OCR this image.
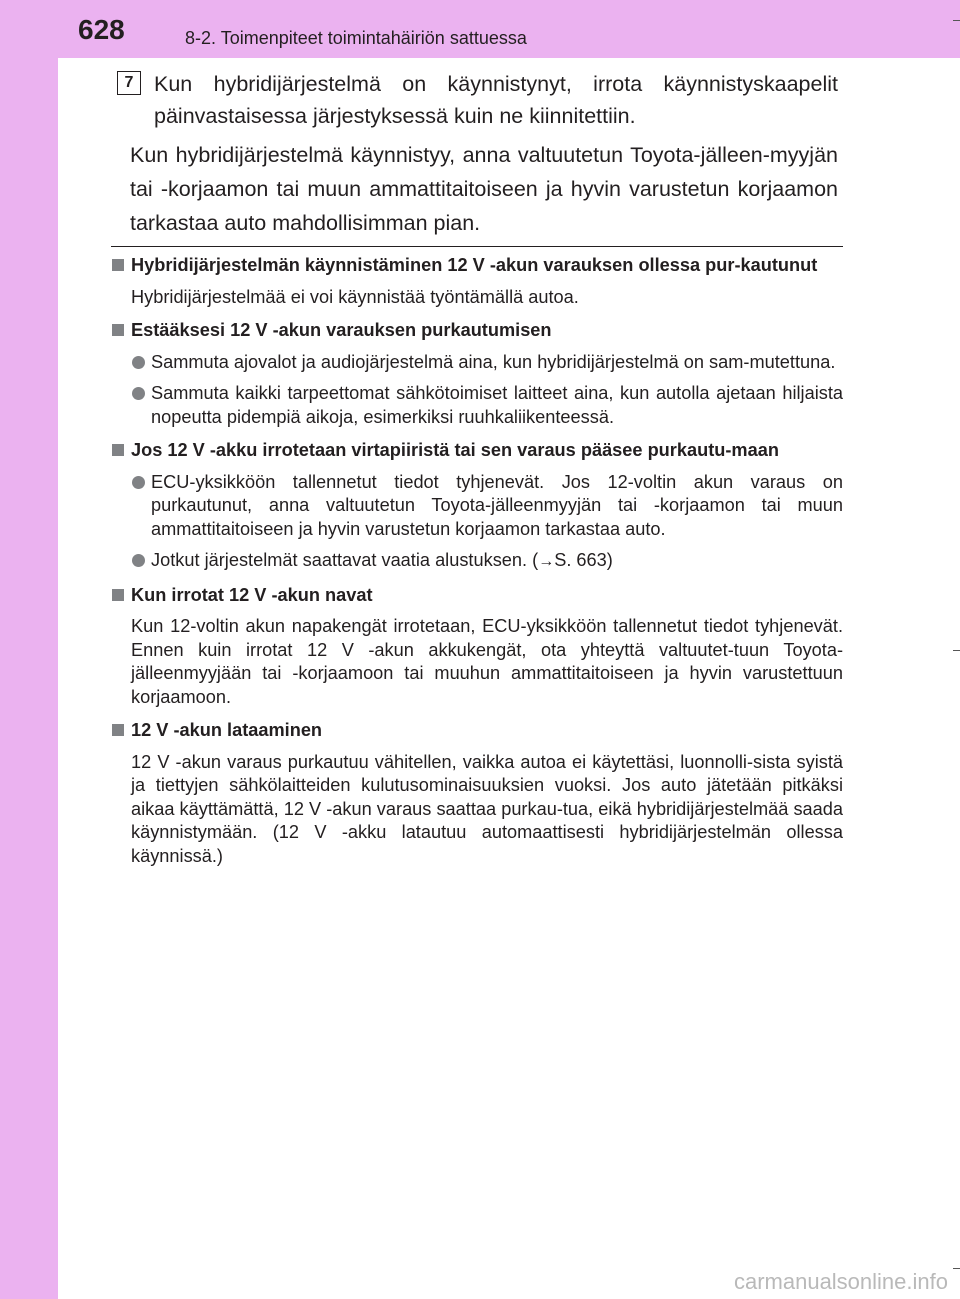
628	8-2. Toimenpiteet toimintahäiriön sattuessa
7 Kun hybridijärjestelmä on käynnistynyt, irrota käynnistyskaapelit päinvastaisessa järjestyksessä kuin ne kiinnitettiin.
Kun hybridijärjestelmä käynnistyy, anna valtuutetun Toyota-jälleen-myyjän tai -korjaamon tai muun ammattitaitoiseen ja hyvin varustetun korjaamon tarkastaa auto mahdollisimman pian.
Hybridijärjestelmän käynnistäminen 12 V -akun varauksen ollessa pur-kautunut
Hybridijärjestelmää ei voi käynnistää työntämällä autoa.
Estääksesi 12 V -akun varauksen purkautumisen
Sammuta ajovalot ja audiojärjestelmä aina, kun hybridijärjestelmä on sam-mutettuna.
Sammuta kaikki tarpeettomat sähkötoimiset laitteet aina, kun autolla ajetaan hiljaista nopeutta pidempiä aikoja, esimerkiksi ruuhkaliikenteessä.
Jos 12 V -akku irrotetaan virtapiiristä tai sen varaus pääsee purkautu-maan
ECU-yksikköön tallennetut tiedot tyhjenevät. Jos 12-voltin akun varaus on purkautunut, anna valtuutetun Toyota-jälleenmyyjän tai -korjaamon tai muun ammattitaitoiseen ja hyvin varustetun korjaamon tarkastaa auto.
Jotkut järjestelmät saattavat vaatia alustuksen. (→S. 663)
Kun irrotat 12 V -akun navat
Kun 12-voltin akun napakengät irrotetaan, ECU-yksikköön tallennetut tiedot tyhjenevät. Ennen kuin irrotat 12 V -akun akkukengät, ota yhteyttä valtuutet-tuun Toyota-jälleenmyyjään tai -korjaamoon tai muuhun ammattitaitoiseen ja hyvin varustettuun korjaamoon.
12 V -akun lataaminen
12 V -akun varaus purkautuu vähitellen, vaikka autoa ei käytettäsi, luonnolli-sista syistä ja tiettyjen sähkölaitteiden kulutusominaisuuksien vuoksi. Jos auto jätetään pitkäksi aikaa käyttämättä, 12 V -akun varaus saattaa purkau-tua, eikä hybridijärjestelmää saada käynnistymään. (12 V -akku latautuu automaattisesti hybridijärjestelmän ollessa käynnissä.)
carmanualsonline.info
